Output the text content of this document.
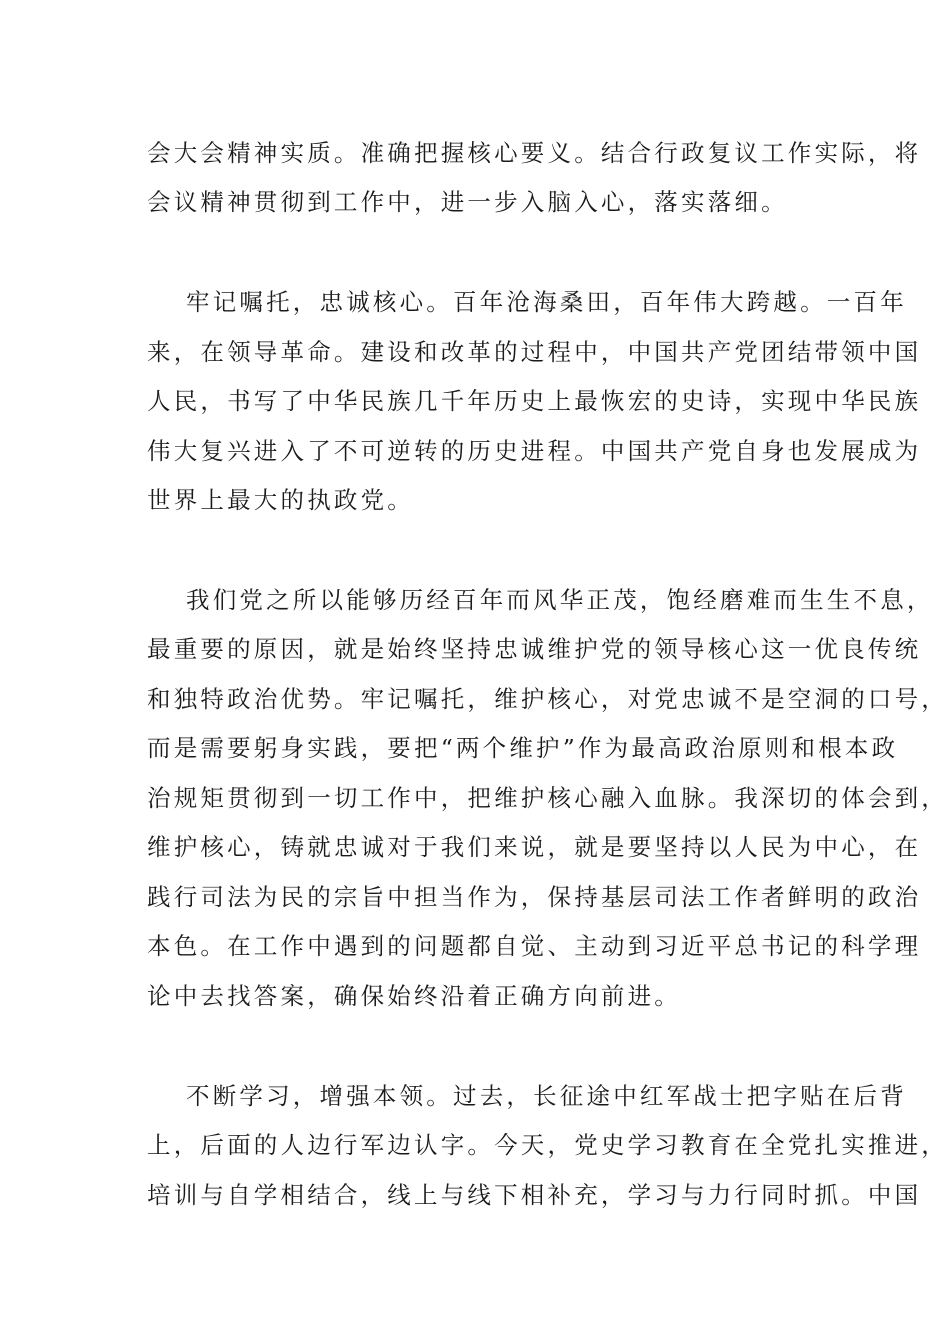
会大会精神实质。准确把握核心要义。结合行政复议工作实际，将
会议精神贯彻到工作中，进一步入脑入心，落实落细。
牢记嘱托，忠诚核心。百年沧海桑田，百年伟大跨越。一百年
来，在领导革命。建设和改革的过程中，中国共产党团结带领中国
人民，书写了中华民族几千年历史上最恢宏的史诗，实现中华民族
伟大复兴进入了不可逆转的历史进程。中国共产党自身也发展成为
世界上最大的执政党。
我们党之所以能够历经百年而风华正茂，饱经磨难而生生不息，
最重要的原因，就是始终坚持忠诚维护党的领导核心这一优良传统
和独特政治优势。牢记嘱托，维护核心，对党忠诚不是空洞的口号，
而是需要躬身实践，要把“两个维护”作为最高政治原则和根本政
治规矩贯彻到一切工作中，把维护核心融入血脉。我深切的体会到，
维护核心，铸就忠诚对于我们来说，就是要坚持以人民为中心，在
践行司法为民的宗旨中担当作为，保持基层司法工作者鲜明的政治
本色。在工作中遇到的问题都自觉、主动到习近平总书记的科学理
论中去找答案，确保始终沿着正确方向前进。
不断学习，增强本领。过去，长征途中红军战士把字贴在后背
上，后面的人边行军边认字。今天，党史学习教育在全党扎实推进，
培训与自学相结合，线上与线下相补充，学习与力行同时抓。中国
